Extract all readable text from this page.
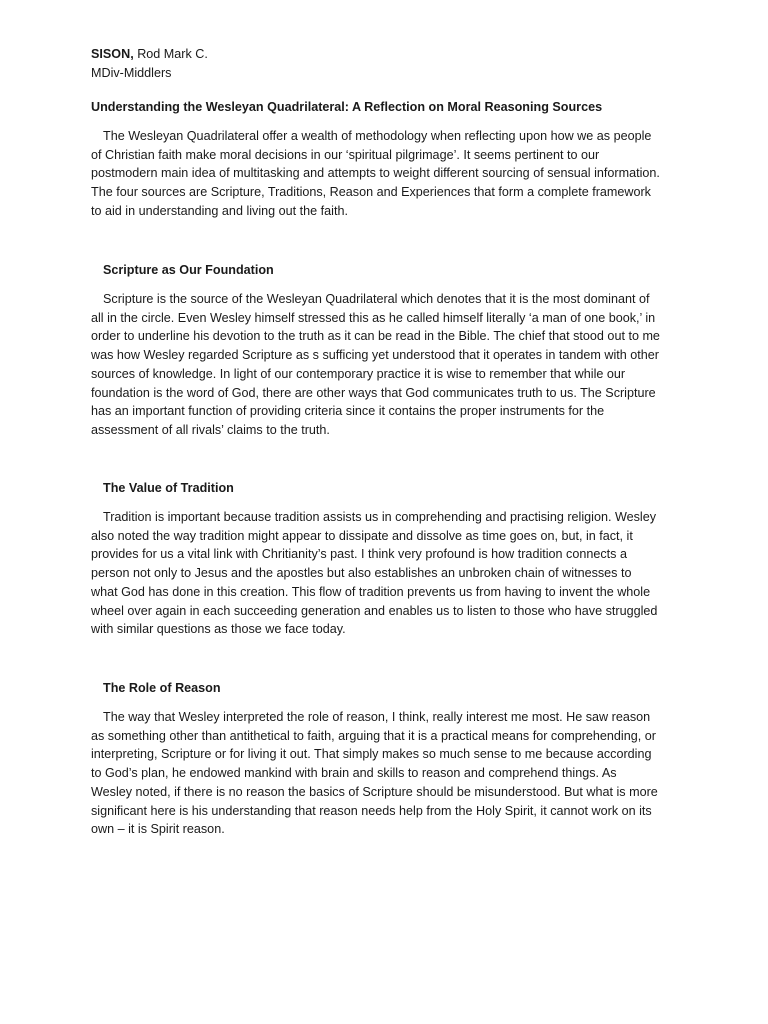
SISON, Rod Mark C.
MDiv-Middlers
Understanding the Wesleyan Quadrilateral: A Reflection on Moral Reasoning Sources

The Wesleyan Quadrilateral offer a wealth of methodology when reflecting upon how we as people of Christian faith make moral decisions in our ‘spiritual pilgrimage’. It seems pertinent to our postmodern main idea of multitasking and attempts to weight different sourcing of sensual information. The four sources are Scripture, Traditions, Reason and Experiences that form a complete framework to aid in understanding and living out the faith.

Scripture as Our Foundation

Scripture is the source of the Wesleyan Quadrilateral which denotes that it is the most dominant of all in the circle. Even Wesley himself stressed this as he called himself literally ‘a man of one book,’ in order to underline his devotion to the truth as it can be read in the Bible. The chief that stood out to me was how Wesley regarded Scripture as s sufficing yet understood that it operates in tandem with other sources of knowledge. In light of our contemporary practice it is wise to remember that while our foundation is the word of God, there are other ways that God communicates truth to us. The Scripture has an important function of providing criteria since it contains the proper instruments for the assessment of all rivals’ claims to the truth.

The Value of Tradition

Tradition is important because tradition assists us in comprehending and practising religion. Wesley also noted the way tradition might appear to dissipate and dissolve as time goes on, but, in fact, it provides for us a vital link with Chritianity’s past. I think very profound is how tradition connects a person not only to Jesus and the apostles but also establishes an unbroken chain of witnesses to what God has done in this creation. This flow of tradition prevents us from having to invent the whole wheel over again in each succeeding generation and enables us to listen to those who have struggled with similar questions as those we face today.

The Role of Reason

The way that Wesley interpreted the role of reason, I think, really interest me most. He saw reason as something other than antithetical to faith, arguing that it is a practical means for comprehending, or interpreting, Scripture or for living it out. That simply makes so much sense to me because according to God’s plan, he endowed mankind with brain and skills to reason and comprehend things. As Wesley noted, if there is no reason the basics of Scripture should be misunderstood. But what is more significant here is his understanding that reason needs help from the Holy Spirit, it cannot work on its own – it is Spirit reason.
